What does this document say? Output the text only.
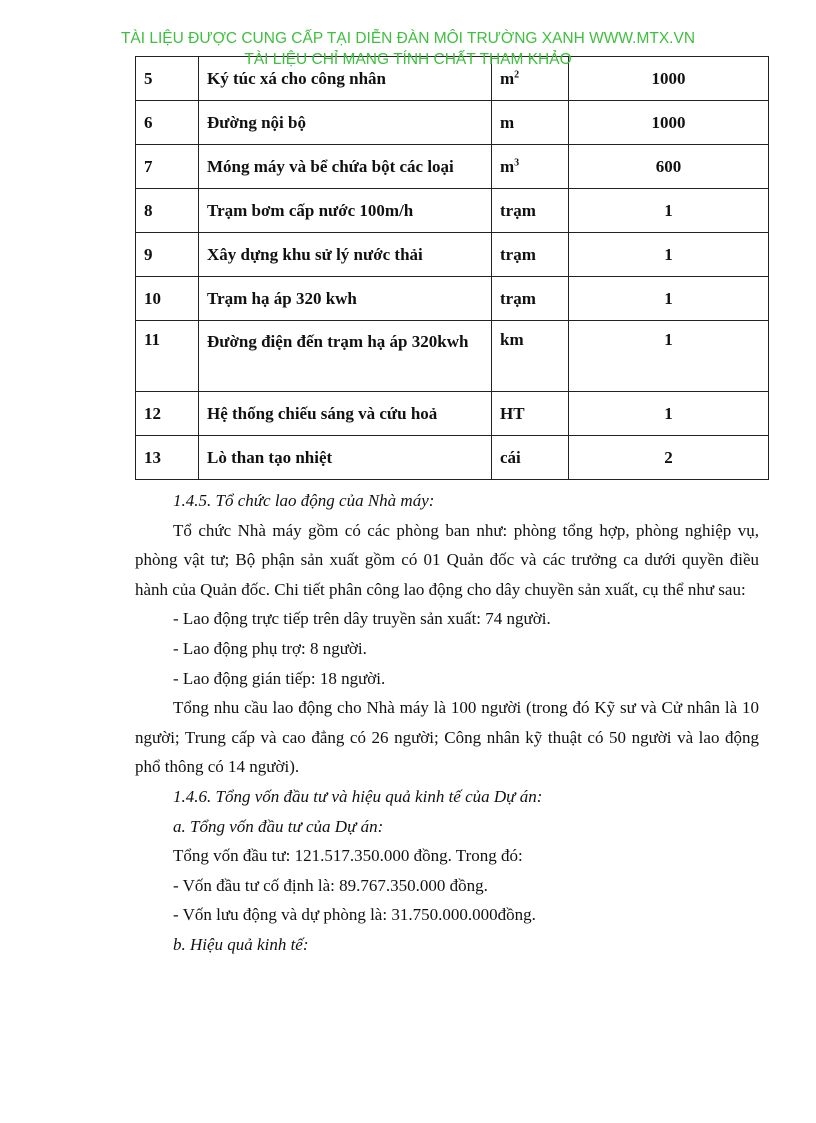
TÀI LIỆU ĐƯỢC CUNG CẤP TẠI DIỄN ĐÀN MÔI TRƯỜNG XANH WWW.MTX.VN
TÀI LIỆU CHỈ MANG TÍNH CHẤT THAM KHẢO
5	Ký túc xá cho công nhân	$m^2$	1000
6	Đường nội bộ	m	1000
7	Móng máy và bể chứa bột các loại	$m^3$	600
8	Trạm bơm cấp nước 100m/h	trạm	1
9	Xây dựng khu sử lý nước thải	trạm	1
10	Trạm hạ áp 320 kwh	trạm	1
11	Đường điện đến trạm hạ áp 320kwh	km	1
12	Hệ thống chiếu sáng và cứu hoả	HT	1
13	Lò than tạo nhiệt	cái	2

1.4.5. Tổ chức lao động của Nhà máy:

Tổ chức Nhà máy gồm có các phòng ban như: phòng tổng hợp, phòng nghiệp vụ, phòng vật tư; Bộ phận sản xuất gồm có 01 Quản đốc và các trưởng ca dưới quyền điều hành của Quản đốc. Chi tiết phân công lao động cho dây chuyền sản xuất, cụ thể như sau:

- Lao động trực tiếp trên dây truyền sản xuất: 74 người.

- Lao động phụ trợ: 8 người.

- Lao động gián tiếp: 18 người.

Tổng nhu cầu lao động cho Nhà máy là 100 người (trong đó Kỹ sư và Cử nhân là 10 người; Trung cấp và cao đẳng có 26 người; Công nhân kỹ thuật có 50 người và lao động phổ thông có 14 người).

1.4.6. Tổng vốn đầu tư và hiệu quả kinh tế của Dự án:

a. Tổng vốn đầu tư của Dự án:

Tổng vốn đầu tư: 121.517.350.000 đồng. Trong đó:

- Vốn đầu tư cố định là: 89.767.350.000 đồng.

- Vốn lưu động và dự phòng là: 31.750.000.000đồng.

b. Hiệu quả kinh tế:
